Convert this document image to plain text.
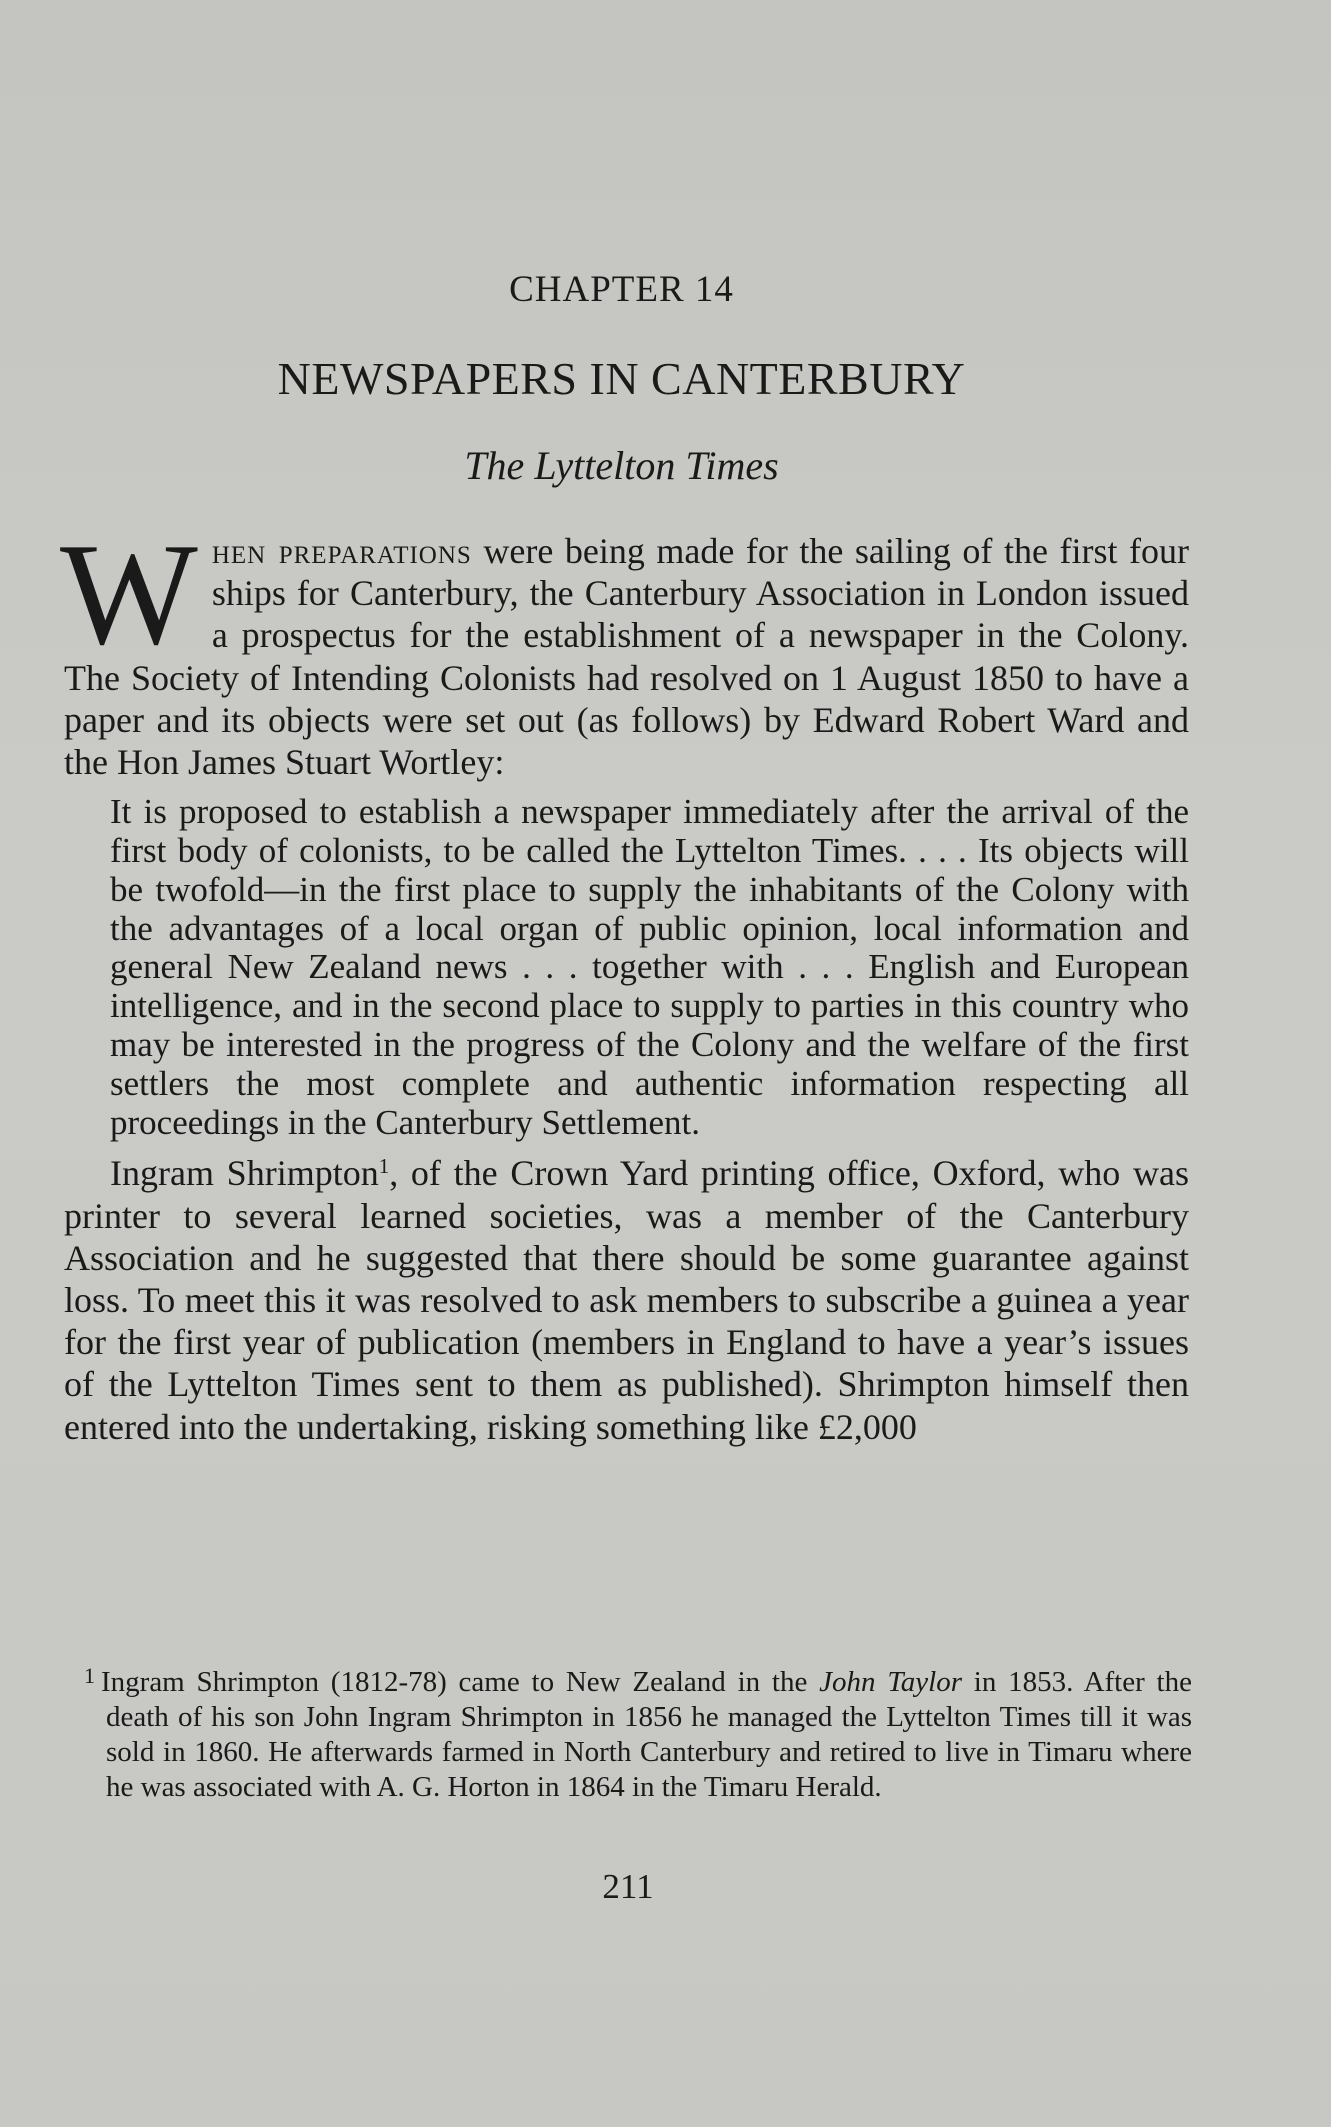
CHAPTER 14
NEWSPAPERS IN CANTERBURY
The Lyttelton Times

When preparations were being made for the sailing of the first four ships for Canterbury, the Canterbury Association in London issued a prospectus for the establishment of a newspaper in the Colony. The Society of Intending Colonists had resolved on 1 August 1850 to have a paper and its objects were set out (as follows) by Edward Robert Ward and the Hon James Stuart Wortley:

It is proposed to establish a newspaper immediately after the arrival of the first body of colonists, to be called the Lyttelton Times. . . . Its objects will be twofold—in the first place to supply the inhabitants of the Colony with the advantages of a local organ of public opinion, local information and general New Zealand news . . . together with . . . English and European intelligence, and in the second place to supply to parties in this country who may be interested in the progress of the Colony and the welfare of the first settlers the most complete and authentic information respecting all proceedings in the Canterbury Settlement.

Ingram Shrimpton$^1$, of the Crown Yard printing office, Oxford, who was printer to several learned societies, was a member of the Canterbury Association and he suggested that there should be some guarantee against loss. To meet this it was resolved to ask members to subscribe a guinea a year for the first year of publication (members in England to have a year’s issues of the Lyttelton Times sent to them as published). Shrimpton himself then entered into the undertaking, risking something like £2,000

$^1$ Ingram Shrimpton (1812-78) came to New Zealand in the John Taylor in 1853. After the death of his son John Ingram Shrimpton in 1856 he managed the Lyttelton Times till it was sold in 1860. He afterwards farmed in North Canterbury and retired to live in Timaru where he was associated with A. G. Horton in 1864 in the Timaru Herald.

211
